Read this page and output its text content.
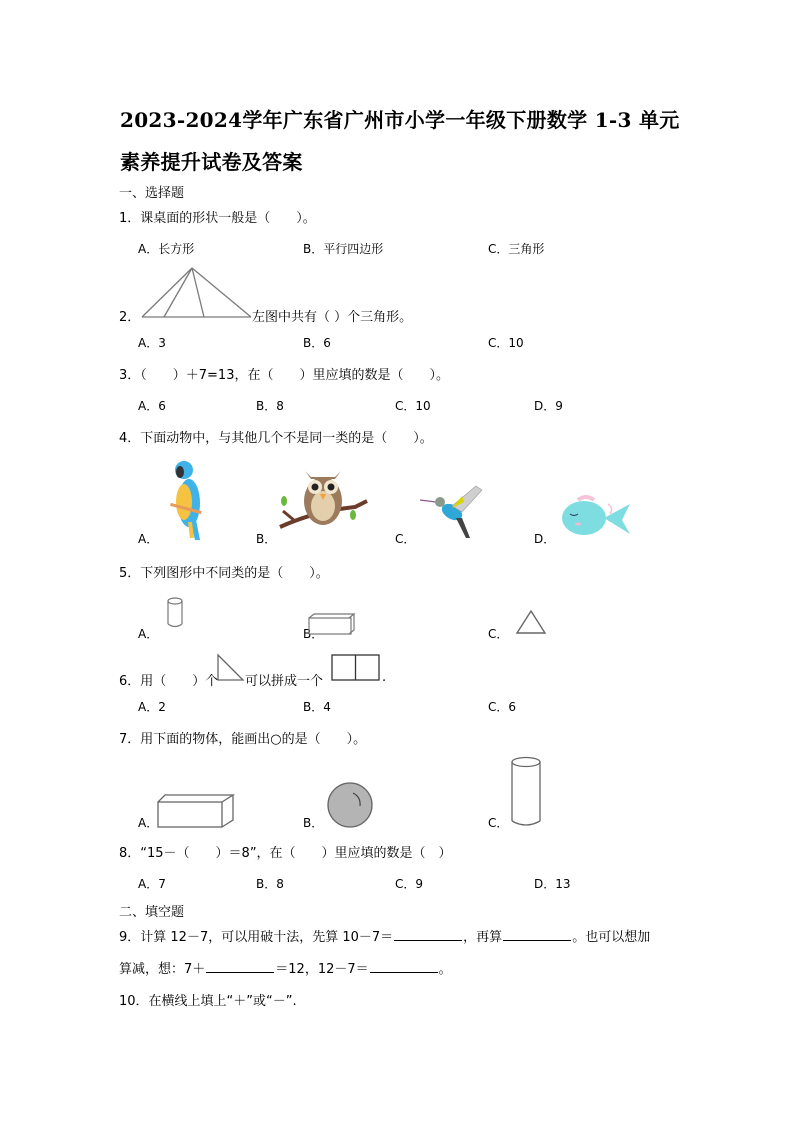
2023-2024学年广东省广州市小学一年级下册数学 1-3 单元
素养提升试卷及答案
一、选择题
1．课桌面的形状一般是（　　）。
A．长方形	B．平行四边形	C．三角形
2．	左图中共有（ ）个三角形。
A．3	B．6	C．10
3．（　　）＋7=13，在（　　）里应填的数是（　　）。
A．6	B．8	C．10	D．9
4．下面动物中，与其他几个不是同一类的是（　　）。
A．	B．	C．	D．
5．下列图形中不同类的是（　　）。
A．	B．	C．
6．用（　　）个 可以拼成一个	.
A．2	B．4	C．6
7．用下面的物体，能画出○的是（　　）。
A．	B．	C．
8．“15－（　　）＝8”，在（　　）里应填的数是（　）
A．7	B．8	C．9	D．13
二、填空题
9．计算 12－7，可以用破十法，先算 10－7＝	，再算	。也可以想加
算减，想：7＋	＝12，12－7＝	。
10．在横线上填上“＋”或“－”.
